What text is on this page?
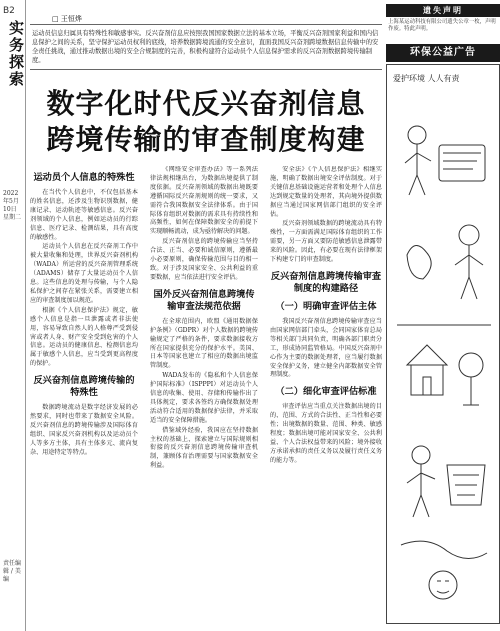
B2
实务探索
2022年5月10日 星期二
责任编辑 / 美编
□ 王恒烨
运动员信息归属具有特殊性和敏感事实。反兴奋剂信息应按照我国国家数据立法的基本立场，平衡反兴奋剂国家利益和国内信息保护之间的关系，坚守保护运动员权利的底线，培养数据跨境流通的安全意识，直面我国反兴奋剂跨境数据信息传输中的安全责任挑战，通过推动数据出境的安全合规制度的完善，积极构建符合运动员个人信息保护需求的反兴奋剂数据跨境传输制度。
数字化时代反兴奋剂信息
跨境传输的审查制度构建
运动员个人信息的特殊性

在当代个人信息中，不仅包括基本的姓名信息，还涉及生物识别数据，健康记录、运动轨迹等敏感信息。反兴奋剂领域的个人信息，例如运动员的行踪信息、医疗记录、检测结果，具有高度的敏感性。

运动员个人信息在反兴奋剂工作中被大量收集和处理，世界反兴奋剂机构（WADA）所运营的反兴奋剂管理系统（ADAMS）储存了大量运动员个人信息。这些信息的处理与传输，与个人隐私保护之间存在紧张关系，需要建立相应的审查制度加以规范。

根据《个人信息保护法》规定，敏感个人信息是指一旦泄露或者非法使用，容易导致自然人的人格尊严受到侵害或者人身、财产安全受到危害的个人信息。运动员的健康信息、检测信息均属于敏感个人信息，应当受到更高程度的保护。

反兴奋剂信息跨境传输的特殊性

数据跨境流动是数字经济发展的必然要求，同时也带来了数据安全风险。反兴奋剂信息的跨境传输涉及国际体育组织、国家反兴奋剂机构以及运动员个人等多方主体，具有主体多元、流向复杂、用途特定等特点。

《网络安全审查办法》等一系列法律法规相继出台，为数据出境提供了制度依据。反兴奋剂领域的数据出境既要遵循国际反兴奋剂规则的统一要求，又需符合我国数据安全法律体系。由于国际体育组织对数据的需求具有持续性和高频性，如何在保障数据安全的前提下实现顺畅流动，成为亟待解决的问题。

反兴奋剂信息的跨境传输应当坚持合法、正当、必要和诚信原则，遵循最小必要原则，确保传输范围与目的相一致。对于涉及国家安全、公共利益的重要数据，应当依法进行安全评估。

国外反兴奋剂信息跨境传输审查法规范依据

在全球范围内，欧盟《通用数据保护条例》（GDPR）对个人数据的跨境传输规定了严格的条件，要求数据接收方所在国家提供充分的保护水平。美国、日本等国家也建立了相应的数据出境监管制度。

WADA发布的《隐私和个人信息保护国际标准》（ISPPPI）对运动员个人信息的收集、使用、存储和传输作出了具体规定，要求各签约方确保数据处理活动符合适用的数据保护法律，并采取适当的安全保障措施。

借鉴域外经验，我国应在坚持数据主权的基础上，探索建立与国际规则相衔接的反兴奋剂信息跨境传输审查机制，兼顾体育治理需要与国家数据安全利益。

安全法》《个人信息保护法》相继实施，明确了数据出境安全评估制度。对于关键信息基础设施运营者和处理个人信息达到规定数量的处理者，其向境外提供数据应当通过国家网信部门组织的安全评估。

反兴奋剂领域数据的跨境流动具有特殊性，一方面需满足国际体育组织的工作需要，另一方面又要防范敏感信息泄露带来的风险。因此，有必要在现有法律框架下构建专门的审查制度。

反兴奋剂信息跨境传输审查制度的构建路径
（一）明确审查评估主体

我国反兴奋剂信息跨境传输审查应当由国家网信部门牵头，会同国家体育总局等相关部门共同负责，明确各部门职责分工，形成协同监管格局。中国反兴奋剂中心作为主要的数据处理者，应当履行数据安全保护义务，建立健全内部数据安全管理制度。

（二）细化审查评估标准

审查评估应当重点关注数据出境的目的、范围、方式的合法性、正当性和必要性；出境数据的数量、范围、种类、敏感程度；数据出境可能对国家安全、公共利益、个人合法权益带来的风险；境外接收方承诺承担的责任义务以及履行责任义务的能力等。

遗失声明
上海某运动科技有限公司遗失公章一枚，声明作废。特此声明。
环保公益广告
爱护环境 人人有责
